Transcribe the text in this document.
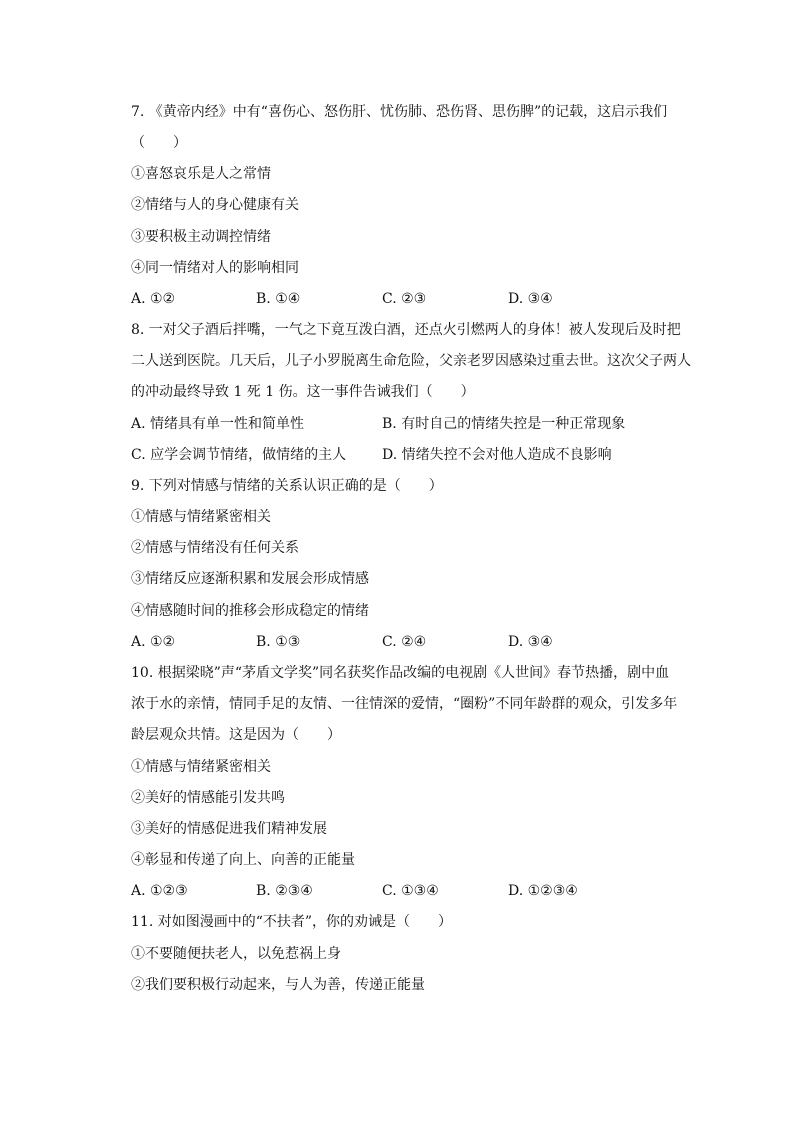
7. 《黄帝内经》中有“喜伤心、怒伤肝、忧伤肺、恐伤肾、思伤脾”的记载，这启示我们
（　　）
①喜怒哀乐是人之常情
②情绪与人的身心健康有关
③要积极主动调控情绪
④同一情绪对人的影响相同
A. ①②	B. ①④	C. ②③	D. ③④
8. 一对父子酒后拌嘴，一气之下竟互泼白酒，还点火引燃两人的身体！被人发现后及时把
二人送到医院。几天后，儿子小罗脱离生命危险，父亲老罗因感染过重去世。这次父子两人
的冲动最终导致 1 死 1 伤。这一事件告诫我们（　　）
A. 情绪具有单一性和简单性	B. 有时自己的情绪失控是一种正常现象
C. 应学会调节情绪，做情绪的主人	D. 情绪失控不会对他人造成不良影响
9. 下列对情感与情绪的关系认识正确的是（　　）
①情感与情绪紧密相关
②情感与情绪没有任何关系
③情绪反应逐渐积累和发展会形成情感
④情感随时间的推移会形成稳定的情绪
A. ①②	B. ①③	C. ②④	D. ③④
10. 根据梁晓”声“茅盾文学奖”同名获奖作品改编的电视剧《人世间》春节热播，剧中血
浓于水的亲情，情同手足的友情、一往情深的爱情，“圈粉”不同年龄群的观众，引发多年
龄层观众共情。这是因为（　　）
①情感与情绪紧密相关
②美好的情感能引发共鸣
③美好的情感促进我们精神发展
④彰显和传递了向上、向善的正能量
A. ①②③	B. ②③④	C. ①③④	D. ①②③④
11. 对如图漫画中的“不扶者”，你的劝诫是（　　）
①不要随便扶老人，以免惹祸上身
②我们要积极行动起来，与人为善，传递正能量
